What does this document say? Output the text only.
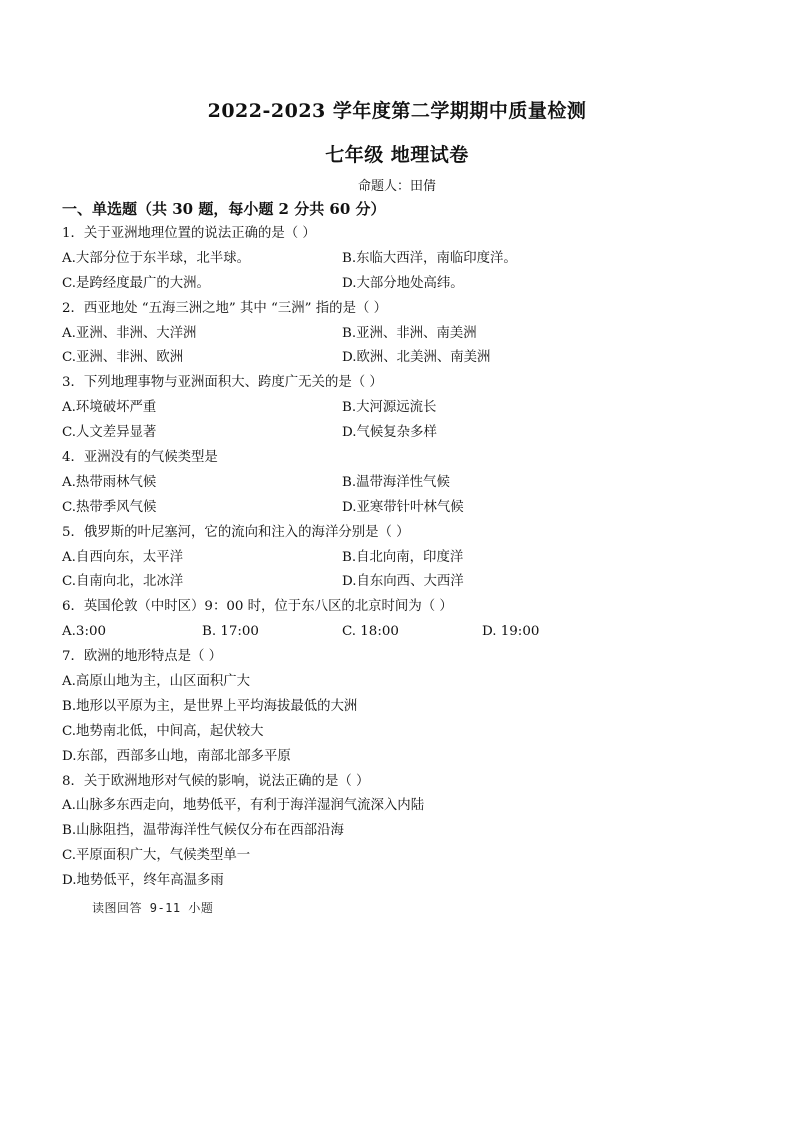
2022-2023 学年度第二学期期中质量检测
七年级 地理试卷
命题人：田倩
一、单选题（共 30 题，每小题 2 分共 60 分）
1．关于亚洲地理位置的说法正确的是（ ）
A.大部分位于东半球，北半球。	B.东临大西洋，南临印度洋。
C.是跨经度最广的大洲。	D.大部分地处高纬。
2．西亚地处 “五海三洲之地” 其中 “三洲” 指的是（ ）
A.亚洲、非洲、大洋洲	B.亚洲、非洲、南美洲
C.亚洲、非洲、欧洲	D.欧洲、北美洲、南美洲
3．下列地理事物与亚洲面积大、跨度广无关的是（ ）
A.环境破坏严重	B.大河源远流长
C.人文差异显著	D.气候复杂多样
4．亚洲没有的气候类型是
A.热带雨林气候	B.温带海洋性气候
C.热带季风气候	D.亚寒带针叶林气候
5．俄罗斯的叶尼塞河，它的流向和注入的海洋分别是（ ）
A.自西向东，太平洋	B.自北向南，印度洋
C.自南向北，北冰洋	D.自东向西、大西洋
6．英国伦敦（中时区）9：00 时，位于东八区的北京时间为（ ）
A.3:00	B. 17:00	C. 18:00	D. 19:00
7．欧洲的地形特点是（ ）
A.高原山地为主，山区面积广大
B.地形以平原为主，是世界上平均海拔最低的大洲
C.地势南北低，中间高，起伏较大
D.东部，西部多山地，南部北部多平原
8．关于欧洲地形对气候的影响，说法正确的是（ ）
A.山脉多东西走向，地势低平，有利于海洋湿润气流深入内陆
B.山脉阻挡，温带海洋性气候仅分布在西部沿海
C.平原面积广大，气候类型单一
D.地势低平，终年高温多雨
读图回答 9-11 小题
